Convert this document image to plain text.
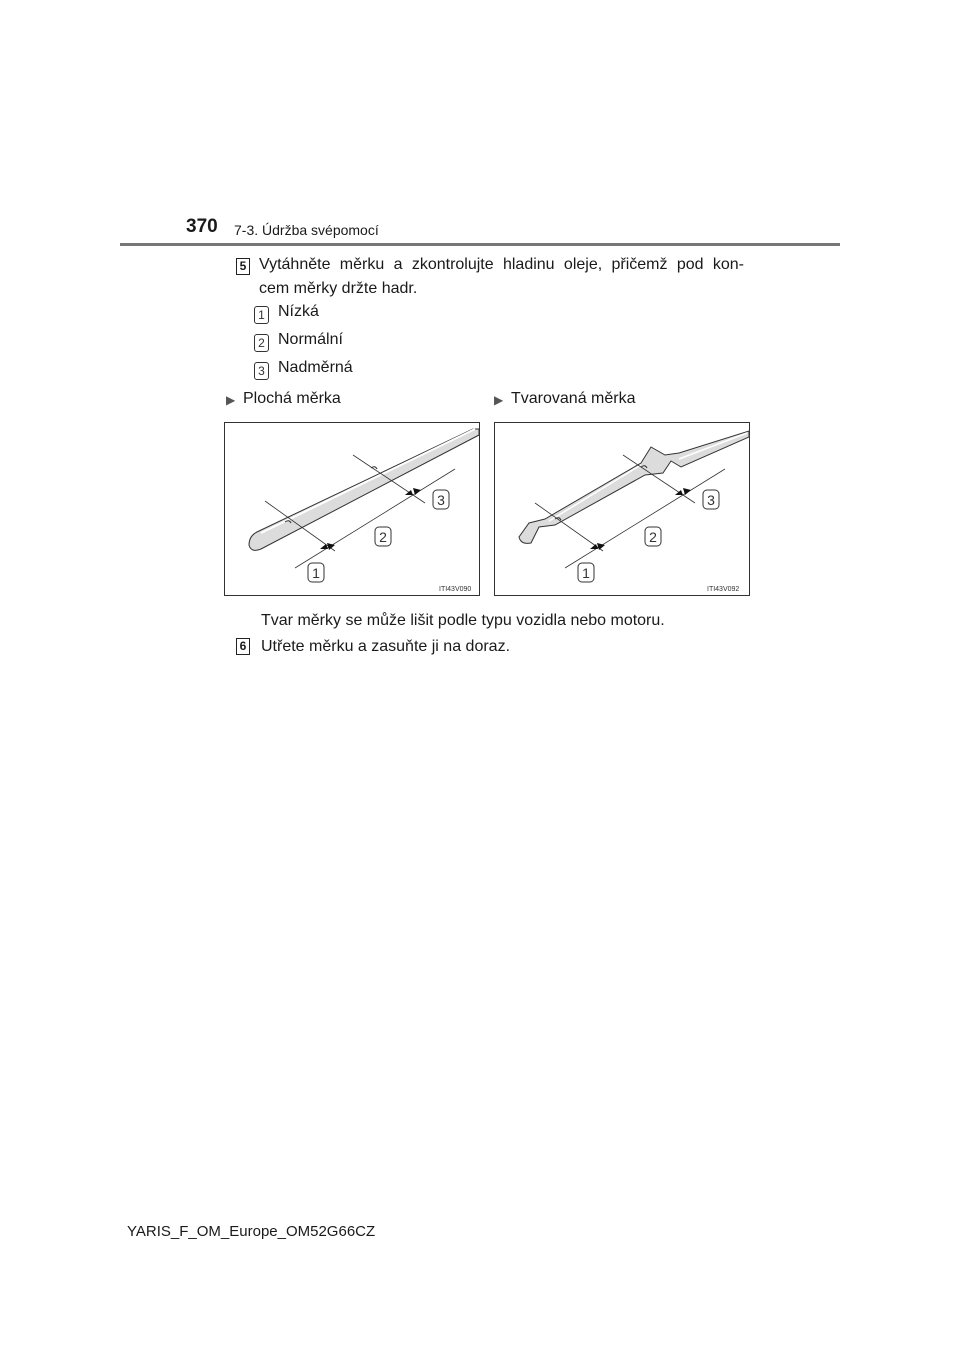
370 7-3. Údržba svépomocí
5 Vytáhněte měrku a zkontrolujte hladinu oleje, přičemž pod kon-
cem měrky držte hadr.
1 Nízká
2 Normální
3 Nadměrná
▶ Plochá měrka	▶ Tvarovaná měrka
1
2
3
ITI43V090
1
2
3
ITI43V092
Tvar měrky se může lišit podle typu vozidla nebo motoru.
6 Utřete měrku a zasuňte ji na doraz.
YARIS_F_OM_Europe_OM52G66CZ
